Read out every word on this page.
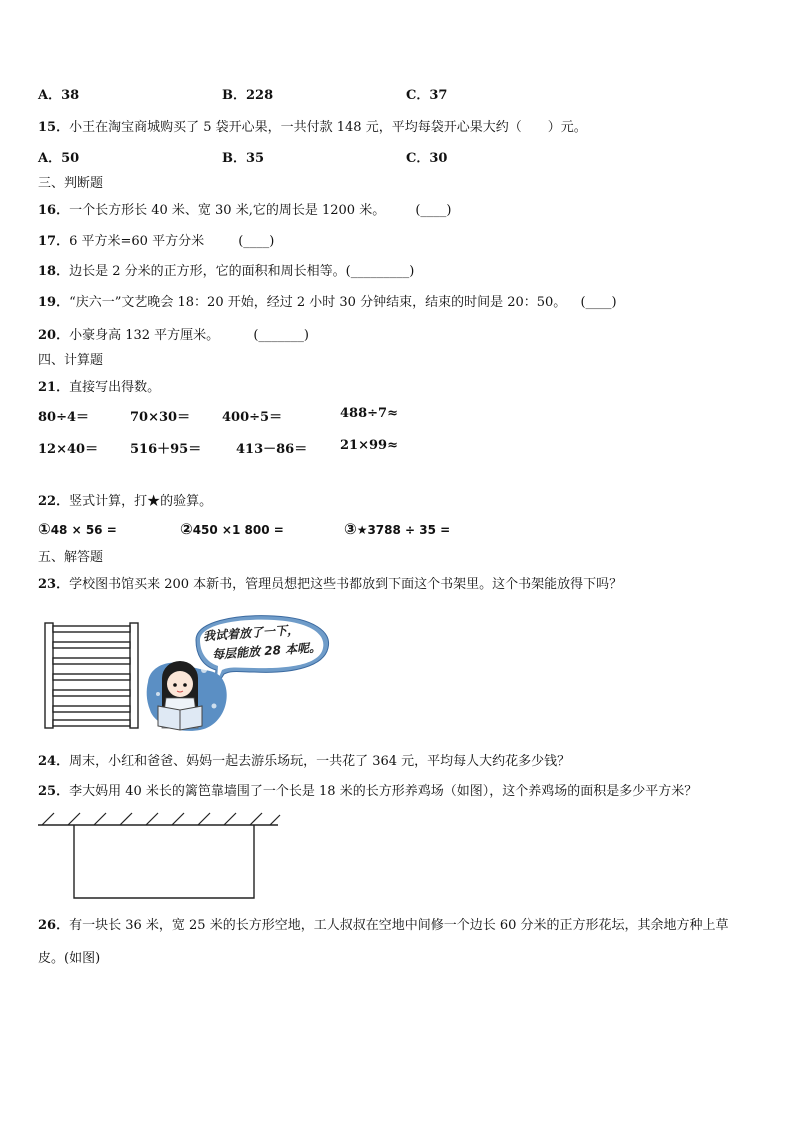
A．38	B．228	C．37
15．小王在淘宝商城购买了 5 袋开心果，一共付款 148 元，平均每袋开心果大约（　　）元。
A．50	B．35	C．30
三、判断题
16．一个长方形长 40 米、宽 30 米,它的周长是 1200 米。 (____)
17．6 平方米=60 平方分米	(____)
18．边长是 2 分米的正方形，它的面积和周长相等。(_________)
19．“庆六一”文艺晚会 18：20 开始，经过 2 小时 30 分钟结束，结束的时间是 20：50。 (____)
20．小豪身高 132 平方厘米。	(_______)
四、计算题
21．直接写出得数。
80÷4＝	70×30＝ 400÷5＝	488÷7≈
12×40＝ 516＋95＝	413－86＝	21×99≈
22．竖式计算，打★的验算。
①48 × 56 =	②450 ×1 800 =	③★3788 ÷ 35 =
五、解答题
23．学校图书馆买来 200 本新书，管理员想把这些书都放到下面这个书架里。这个书架能放得下吗？
我试着放了一下，
每层能放 28 本呢。
24．周末，小红和爸爸、妈妈一起去游乐场玩，一共花了 364 元，平均每人大约花多少钱？
25．李大妈用 40 米长的篱笆靠墙围了一个长是 18 米的长方形养鸡场（如图），这个养鸡场的面积是多少平方米？
26．有一块长 36 米，宽 25 米的长方形空地，工人叔叔在空地中间修一个边长 60 分米的正方形花坛，其余地方种上草
皮。(如图)
